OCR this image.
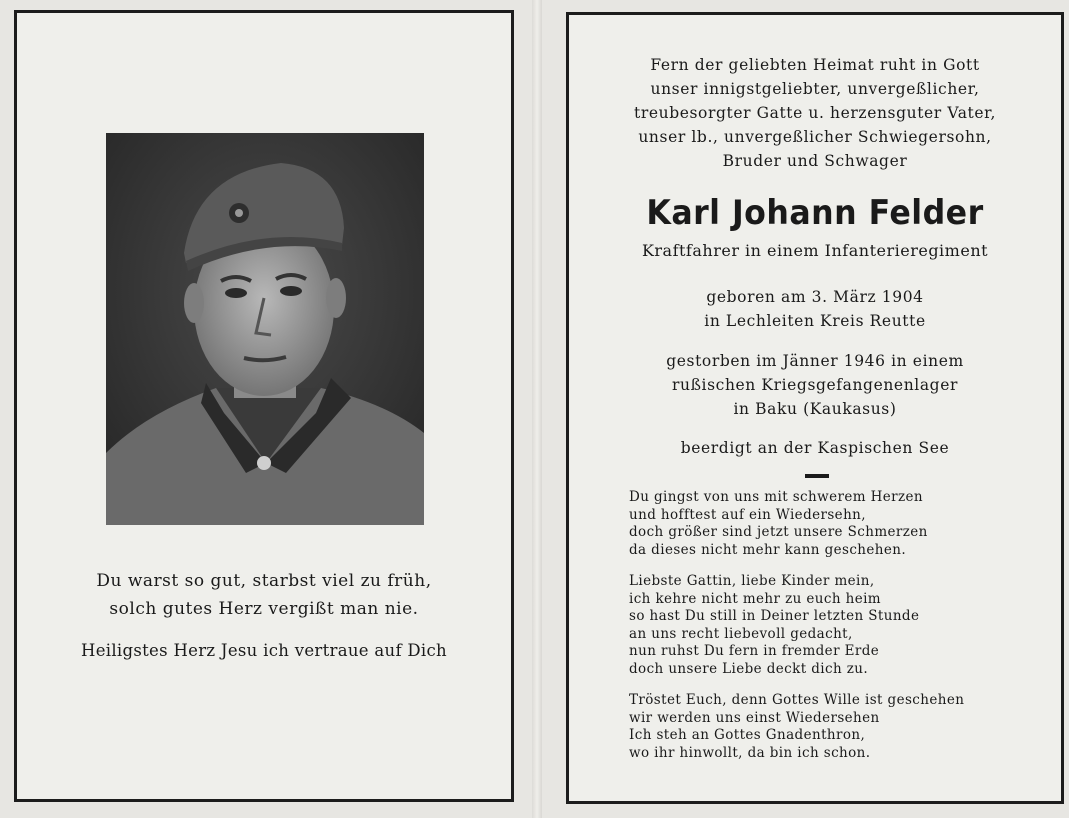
Du warst so gut, starbst viel zu früh,
solch gutes Herz vergißt man nie.
Heiligstes Herz Jesu ich vertraue auf Dich
Fern der geliebten Heimat ruht in Gott
unser innigstgeliebter, unvergeßlicher,
treubesorgter Gatte u. herzensguter Vater,
unser lb., unvergeßlicher Schwiegersohn,
Bruder und Schwager
Karl Johann Felder
Kraftfahrer in einem Infanterieregiment
geboren am 3. März 1904
in Lechleiten Kreis Reutte
gestorben im Jänner 1946 in einem
rußischen Kriegsgefangenenlager
in Baku (Kaukasus)
beerdigt an der Kaspischen See
Du gingst von uns mit schwerem Herzen
und hofftest auf ein Wiedersehn,
doch größer sind jetzt unsere Schmerzen
da dieses nicht mehr kann geschehen.
Liebste Gattin, liebe Kinder mein,
ich kehre nicht mehr zu euch heim
so hast Du still in Deiner letzten Stunde
an uns recht liebevoll gedacht,
nun ruhst Du fern in fremder Erde
doch unsere Liebe deckt dich zu.
Tröstet Euch, denn Gottes Wille ist geschehen
wir werden uns einst Wiedersehen
Ich steh an Gottes Gnadenthron,
wo ihr hinwollt, da bin ich schon.
